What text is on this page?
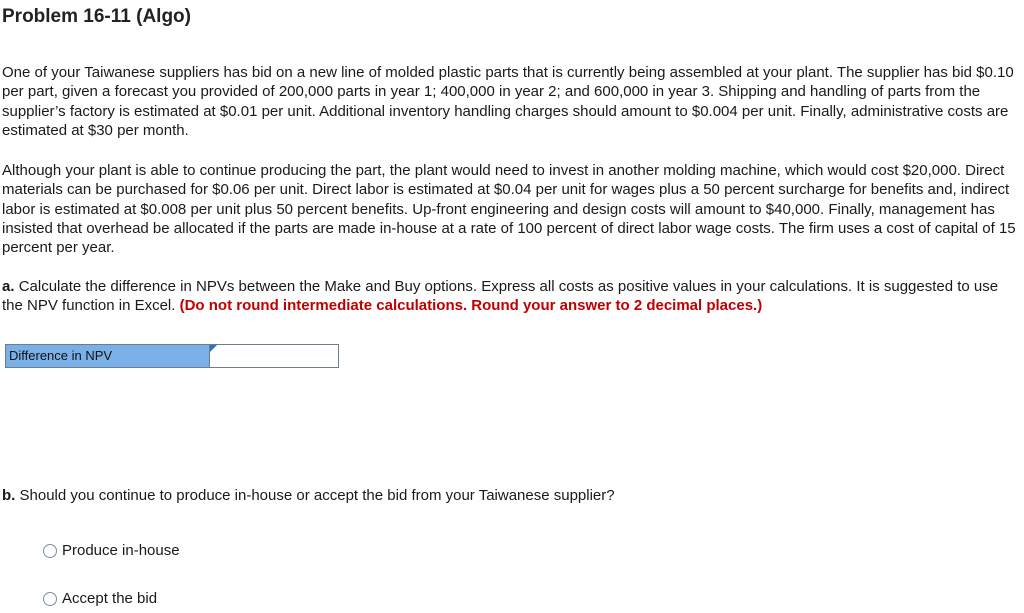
Problem 16-11 (Algo)

One of your Taiwanese suppliers has bid on a new line of molded plastic parts that is currently being assembled at your plant. The supplier has bid $0.10 per part, given a forecast you provided of 200,000 parts in year 1; 400,000 in year 2; and 600,000 in year 3. Shipping and handling of parts from the supplier’s factory is estimated at $0.01 per unit. Additional inventory handling charges should amount to $0.004 per unit. Finally, administrative costs are estimated at $30 per month.

Although your plant is able to continue producing the part, the plant would need to invest in another molding machine, which would cost $20,000. Direct materials can be purchased for $0.06 per unit. Direct labor is estimated at $0.04 per unit for wages plus a 50 percent surcharge for benefits and, indirect labor is estimated at $0.008 per unit plus 50 percent benefits. Up-front engineering and design costs will amount to $40,000. Finally, management has insisted that overhead be allocated if the parts are made in-house at a rate of 100 percent of direct labor wage costs. The firm uses a cost of capital of 15 percent per year.

a. Calculate the difference in NPVs between the Make and Buy options. Express all costs as positive values in your calculations. It is suggested to use the NPV function in Excel. (Do not round intermediate calculations. Round your answer to 2 decimal places.)

Difference in NPV

b. Should you continue to produce in-house or accept the bid from your Taiwanese supplier?

Produce in-house
Accept the bid
